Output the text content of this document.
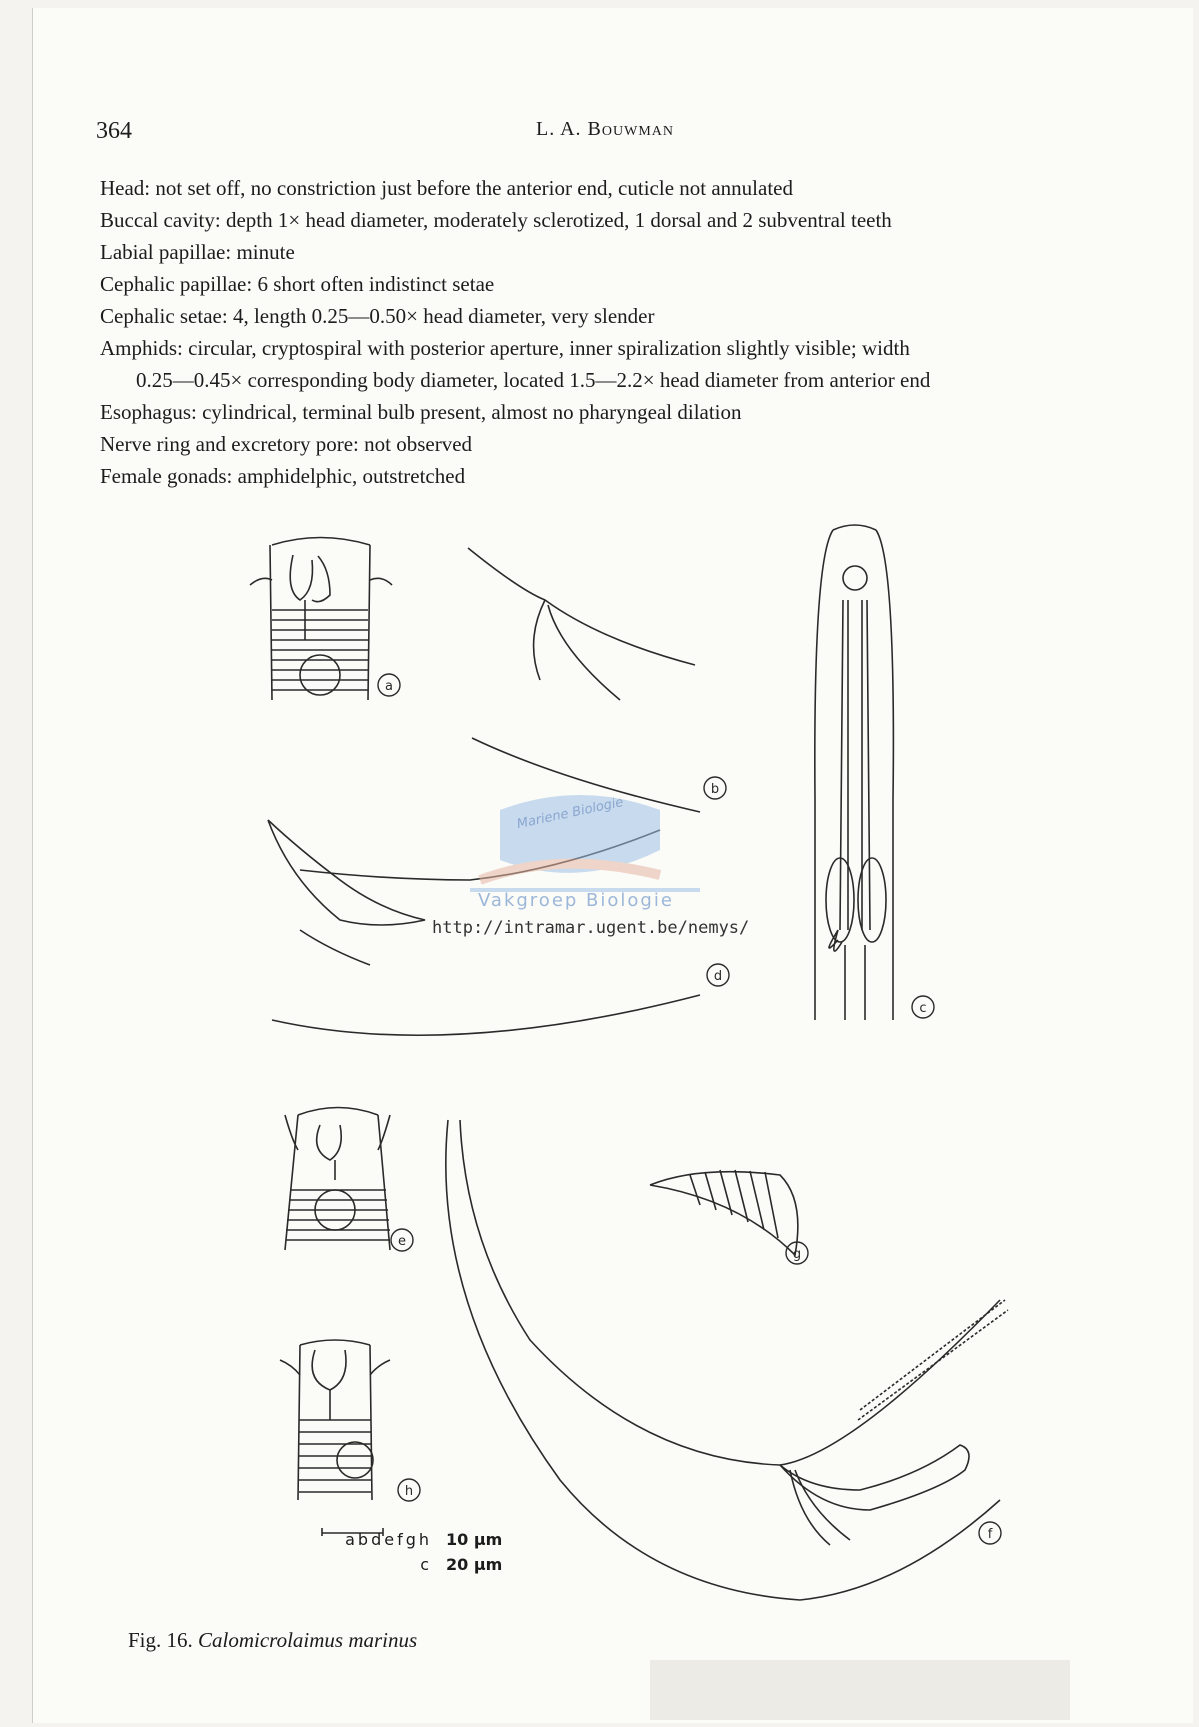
364	L. A. Bouwman

Head: not set off, no constriction just before the anterior end, cuticle not annulated

Buccal cavity: depth 1× head diameter, moderately sclerotized, 1 dorsal and 2 subventral teeth

Labial papillae: minute

Cephalic papillae: 6 short often indistinct setae

Cephalic setae: 4, length 0.25—0.50× head diameter, very slender

Amphids: circular, cryptospiral with posterior aperture, inner spiralization slightly visible; width

0.25—0.45× corresponding body diameter, located 1.5—2.2× head diameter from anterior end

Esophagus: cylindrical, terminal bulb present, almost no pharyngeal dilation

Nerve ring and excretory pore: not observed

Female gonads: amphidelphic, outstretched

a
b
c
d
e
f
g
h
Mariene Biologie
Vakgroep Biologie
http://intramar.ugent.be/nemys/
abdefgh 10 µm
c 20 µm
Fig. 16. Calomicrolaimus marinus
